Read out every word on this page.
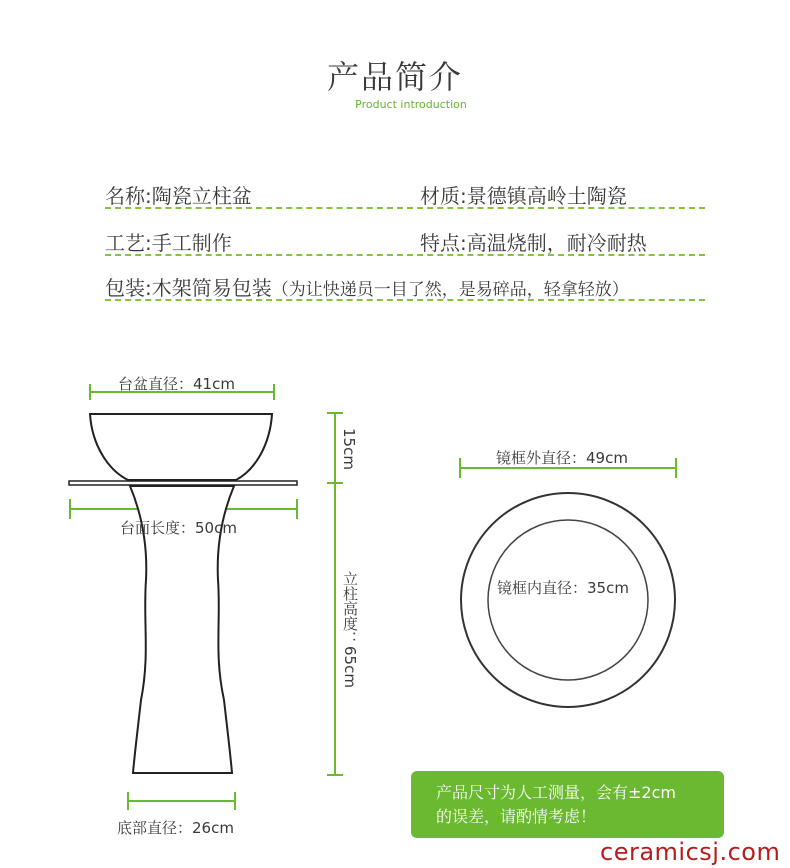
产品简介
Product introduction
名称:陶瓷立柱盆	材质:景德镇高岭土陶瓷
工艺:手工制作	特点:高温烧制，耐冷耐热
包装:木架简易包装（为让快递员一目了然，是易碎品，轻拿轻放）
台盆直径：41cm
台面长度：50cm
15cm
立柱高度：65cm
底部直径：26cm
镜框外直径：49cm
镜框内直径：35cm
产品尺寸为人工测量，会有±2cm
的误差，请酌情考虑！
ceramicsj.com
